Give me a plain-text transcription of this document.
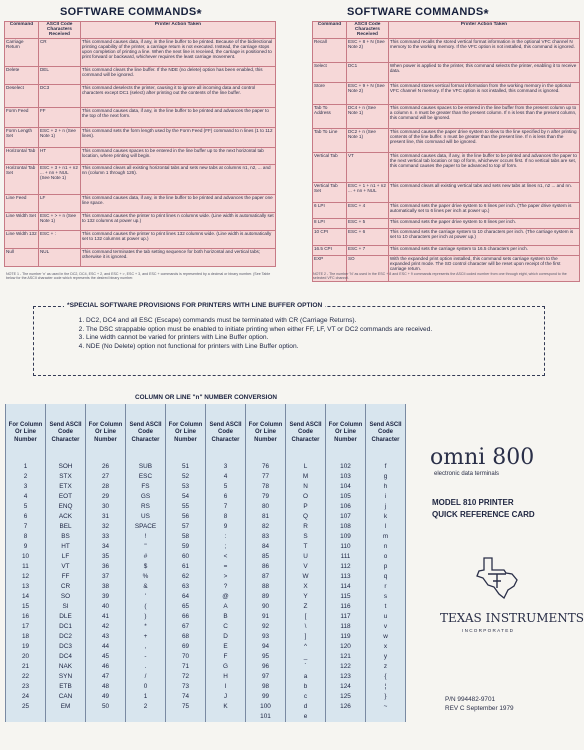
SOFTWARE COMMANDS*
Command	ASCII Code Characters Received	Printer Action Taken
Carriage Return	CR	This command causes data, if any, in the line buffer to be printed. Because of the bidirectional printing capability of the printer, a carriage return is not executed. Instead, the carriage stops upon completion of printing a line. When the next line is received, the carriage is positioned to print forward or backward, whichever requires the least carriage movement.
Delete	DEL	This command clears the line buffer. If the NDE (no delete) option has been enabled, this command will be ignored.
Deselect	DC3	This command deselects the printer, causing it to ignore all incoming data and control characters except DC1 (select) after printing out the contents of the line buffer.
Form Feed	FF	This command causes data, if any, in the line buffer to be printed and advances the paper to the top of the next form.
Form Length Set	ESC + 2 + n (See Note 1)	This command sets the form length used by the Form Feed (FF) command to n lines (1 to 112 lines).
Horizontal Tab	HT	This command causes spaces to be entered in the line buffer up to the next horizontal tab location, where printing will begin.
Horizontal Tab Set	ESC + 3 + n1 + n2 ... + nn + NUL (See Note 1)	This command clears all existing horizontal tabs and sets new tabs at columns n1, n2, ... and nn (column 1 through 126).
Line Feed	LF	This command causes data, if any, in the line buffer to be printed and advances the paper one line space.
Line Width Set	ESC + > + n (See Note 1)	This command causes the printer to print lines n columns wide. (Line width is automatically set to 132 columns at power up.)
Line Width 132	ESC + :	This command causes the printer to print lines 132 columns wide. (Line width is automatically set to 132 columns at power up.)
Null	NUL	This command terminates the tab setting sequence for both horizontal and vertical tabs; otherwise it is ignored.
NOTE 1 - The number 'n' as used in the DC2, DC4, ESC + 2, and ESC + >, ESC + 3, and ESC + commands is represented by a decimal or binary number. (See Table below for the ASCII character code which represents the desired binary number.
SOFTWARE COMMANDS*
Command	ASCII Code Characters Received	Printer Action Taken
Recall	ESC + 8 + N (See Note 2)	This command recalls the stored vertical format information in the optional VFC channel N memory to the working memory. If the VFC option is not installed, this command is ignored.
Select	DC1	When power is applied to the printer, this command selects the printer, enabling it to receive data.
Store	ESC + 9 + N (See Note 2)	This command stores vertical format information from the working memory in the optional VFC channel N memory. If the VFC option is not installed, this command is ignored.
Tab To Address	DC4 + n (See Note 1)	This command causes spaces to be entered in the line buffer from the present column up to a column n. n must be greater than the present column. If n is less than the present column, this command will be ignored.
Tab To Line	DC2 + n (See Note 1)	This command causes the paper drive system to slew to the line specified by n after printing contents of the line buffer. n must be greater than the present line. If n is less than the present line, this command will be ignored.
Vertical Tab	VT	This command causes data, if any, in the line buffer to be printed and advances the paper to the next vertical tab location or top of form, whichever occurs first. If no vertical tabs are set, this command causes the paper to be advanced to top of form.
Vertical Tab Set	ESC + 1 + n1 + n2 ... + nn + NUL	This command clears all existing vertical tabs and sets new tabs at lines n1, n2 ... and nn.
6 LPI	ESC + 4	This command sets the paper drive system to 6 lines per inch. (The paper drive system is automatically set to 6 lines per inch at power up.)
8 LPI	ESC + 5	This command sets the paper drive system to 8 lines per inch.
10 CPI	ESC + 6	This command sets the carriage system to 10 characters per inch. (The carriage system is set to 10 characters per inch at power up.)
16.5 CPI	ESC + 7	This command sets the carriage system to 16.5 characters per inch.
EXP	SO	With the expanded print option installed, this command sets carriage system to the expanded print mode. The SO control character will be reset upon receipt of the first carriage return.
NOTE 2 - The number 'N' as used in the ESC + 8 and ESC + 9 commands represents the ASCII coded number from one through eight, which correspond to the selected VFC channel.
*SPECIAL SOFTWARE PROVISIONS FOR PRINTERS WITH LINE BUFFER OPTION
1. DC2, DC4 and all ESC (Escape) commands must be terminated with CR (Carriage Returns).
2. The DSC strappable option must be enabled to initiate printing when either FF, LF, VT or DC2 commands are received.
3. Line width cannot be varied for printers with Line Buffer option.
4. NDE (No Delete) option not functional for printers with Line Buffer option.
COLUMN OR LINE "n" NUMBER CONVERSION
For Column Or Line Number	Send ASCII Code Character	For Column Or Line Number	Send ASCII Code Character	For Column Or Line Number	Send ASCII Code Character	For Column Or Line Number	Send ASCII Code Character	For Column Or Line Number	Send ASCII Code Character
1	SOH	26	SUB	51	3	76	L	102	f
2	STX	27	ESC	52	4	77	M	103	g
3	ETX	28	FS	53	5	78	N	104	h
4	EOT	29	GS	54	6	79	O	105	i
5	ENQ	30	RS	55	7	80	P	106	j
6	ACK	31	US	56	8	81	Q	107	k
7	BEL	32	SPACE	57	9	82	R	108	l
8	BS	33	!	58	:	83	S	109	m
9	HT	34	"	59	;	84	T	110	n
10	LF	35	#	60	<	85	U	111	o
11	VT	36	$	61	=	86	V	112	p
12	FF	37	%	62	>	87	W	113	q
13	CR	38	&	63	?	88	X	114	r
14	SO	39	'	64	@	89	Y	115	s
15	SI	40	(	65	A	90	Z	116	t
16	DLE	41	)	66	B	91	[	117	u
17	DC1	42	*	67	C	92	\	118	v
18	DC2	43	+	68	D	93	]	119	w
19	DC3	44	,	69	E	94	^	120	x
20	DC4	45	-	70	F	95	_	121	y
21	NAK	46	.	71	G	96	`	122	z
22	SYN	47	/	72	H	97	a	123	{
23	ETB	48	0	73	I	98	b	124	¦
24	CAN	49	1	74	J	99	c	125	}
25	EM	50	2	75	K	100	d	126	~
						101	e		
omni 800
electronic data terminals
MODEL 810 PRINTER
QUICK REFERENCE CARD
TEXAS INSTRUMENTS
INCORPORATED
P/N 994482-9701
REV C September 1979
